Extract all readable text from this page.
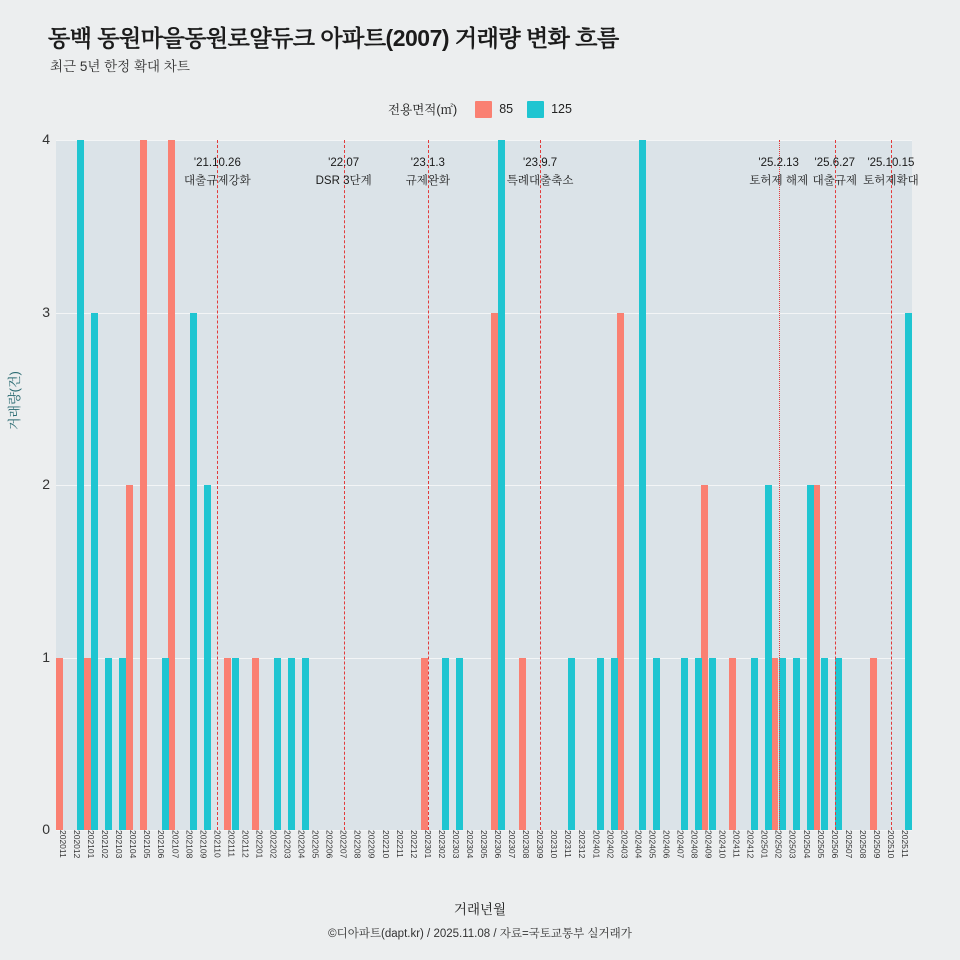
동백 동원마을동원로얄듀크 아파트(2007) 거래량 변화 흐름
최근 5년 한정 확대 차트
전용면적(㎡)	85	125
거래량(건)
0
1
2
3
4
202011 202012 202101 202102 202103 202104 202105 202106 202107 202108 202109 202110 202111 202112 202201 202202 202203 202204 202205 202206 202207 202208 202209 202210 202211 202212 202301 202302 202303 202304 202305 202306 202307 202308 202309 202310 202311 202312 202401 202402 202403 202404 202405 202406 202407 202408 202409 202410 202411 202412 202501 202502 202503 202504 202505 202506 202507 202508 202509 202510 202511
거래년월
©디아파트(dapt.kr) / 2025.11.08 / 자료=국토교통부 실거래가
'21.10.26
대출규제강화
'22.07
DSR 3단계
'23.1.3
규제완화
'23.9.7
특례대출축소
'25.2.13
토허제 해제
'25.6.27
대출규제
'25.10.15
토허제확대
